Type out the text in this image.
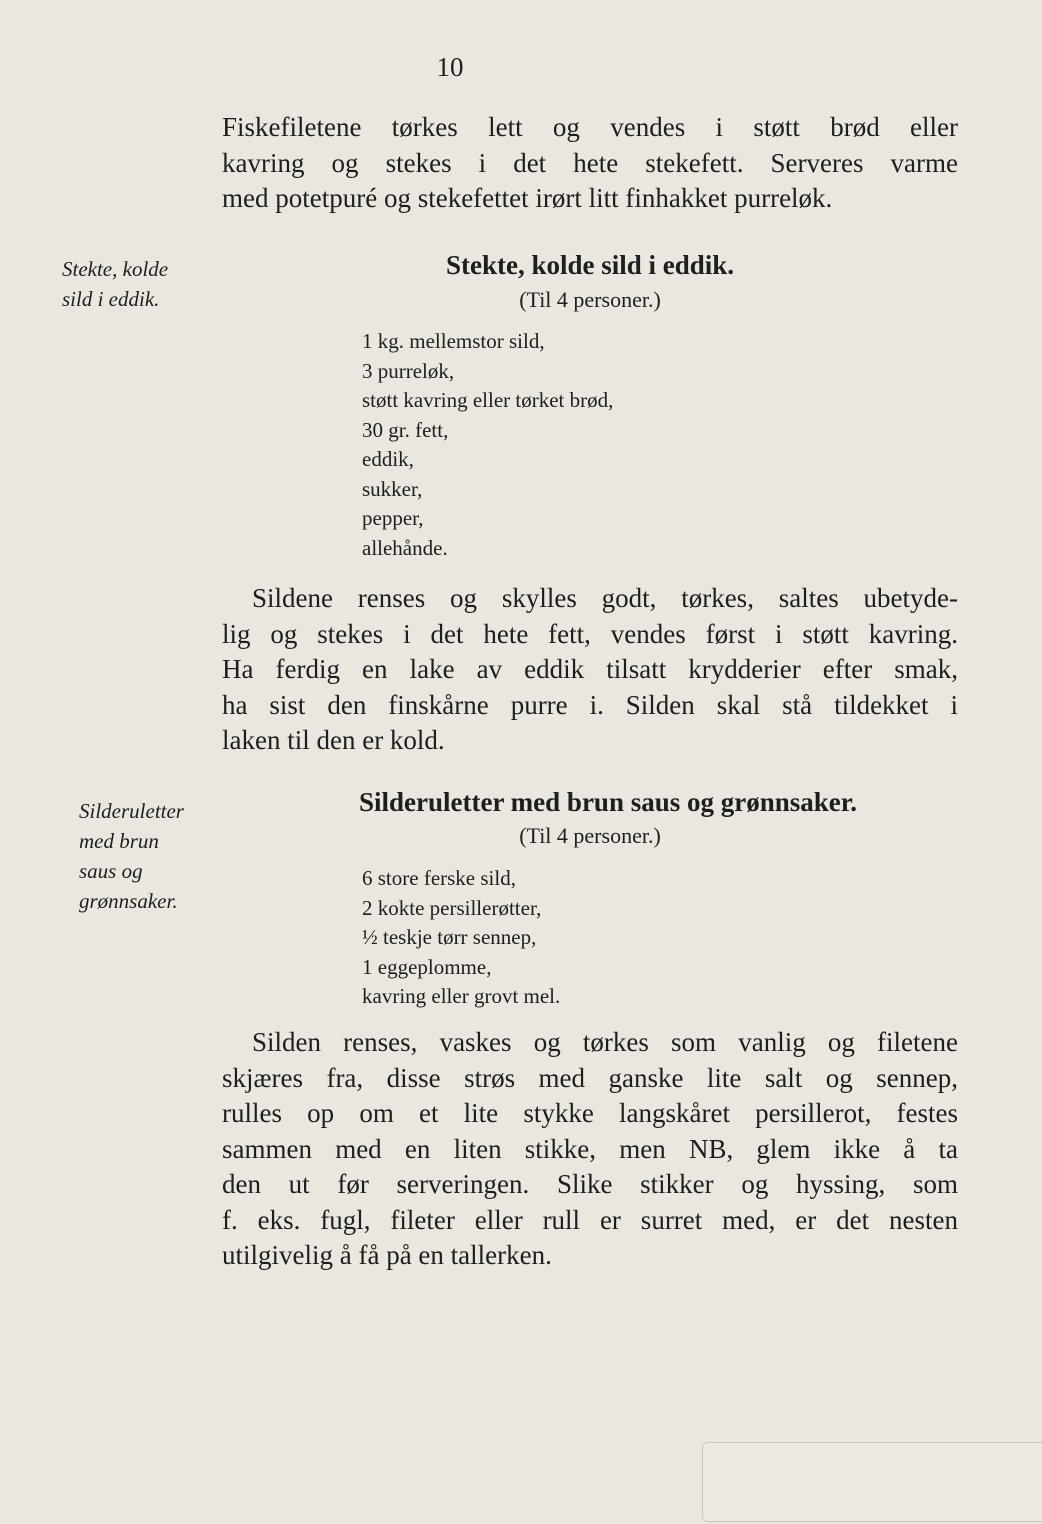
10

Fiskefiletene tørkes lett og vendes i støtt brød eller
kavring og stekes i det hete stekefett. Serveres varme
med potetpuré og stekefettet irørt litt finhakket purreløk.

Stekte, kolde
sild i eddik.
Stekte, kolde sild i eddik.
(Til 4 personer.)
1 kg. mellemstor sild,
3 purreløk,
støtt kavring eller tørket brød,
30 gr. fett,
eddik,
sukker,
pepper,
allehånde.

Sildene renses og skylles godt, tørkes, saltes ubetyde-
lig og stekes i det hete fett, vendes først i støtt kavring.
Ha ferdig en lake av eddik tilsatt krydderier efter smak,
ha sist den finskårne purre i. Silden skal stå tildekket i
laken til den er kold.

Silderuletter
med brun
saus og
grønnsaker.
Silderuletter med brun saus og grønnsaker.
(Til 4 personer.)
6 store ferske sild,
2 kokte persillerøtter,
½ teskje tørr sennep,
1 eggeplomme,
kavring eller grovt mel.

Silden renses, vaskes og tørkes som vanlig og filetene
skjæres fra, disse strøs med ganske lite salt og sennep,
rulles op om et lite stykke langskåret persillerot, festes
sammen med en liten stikke, men NB, glem ikke å ta
den ut før serveringen. Slike stikker og hyssing, som
f. eks. fugl, fileter eller rull er surret med, er det nesten
utilgivelig å få på en tallerken.
